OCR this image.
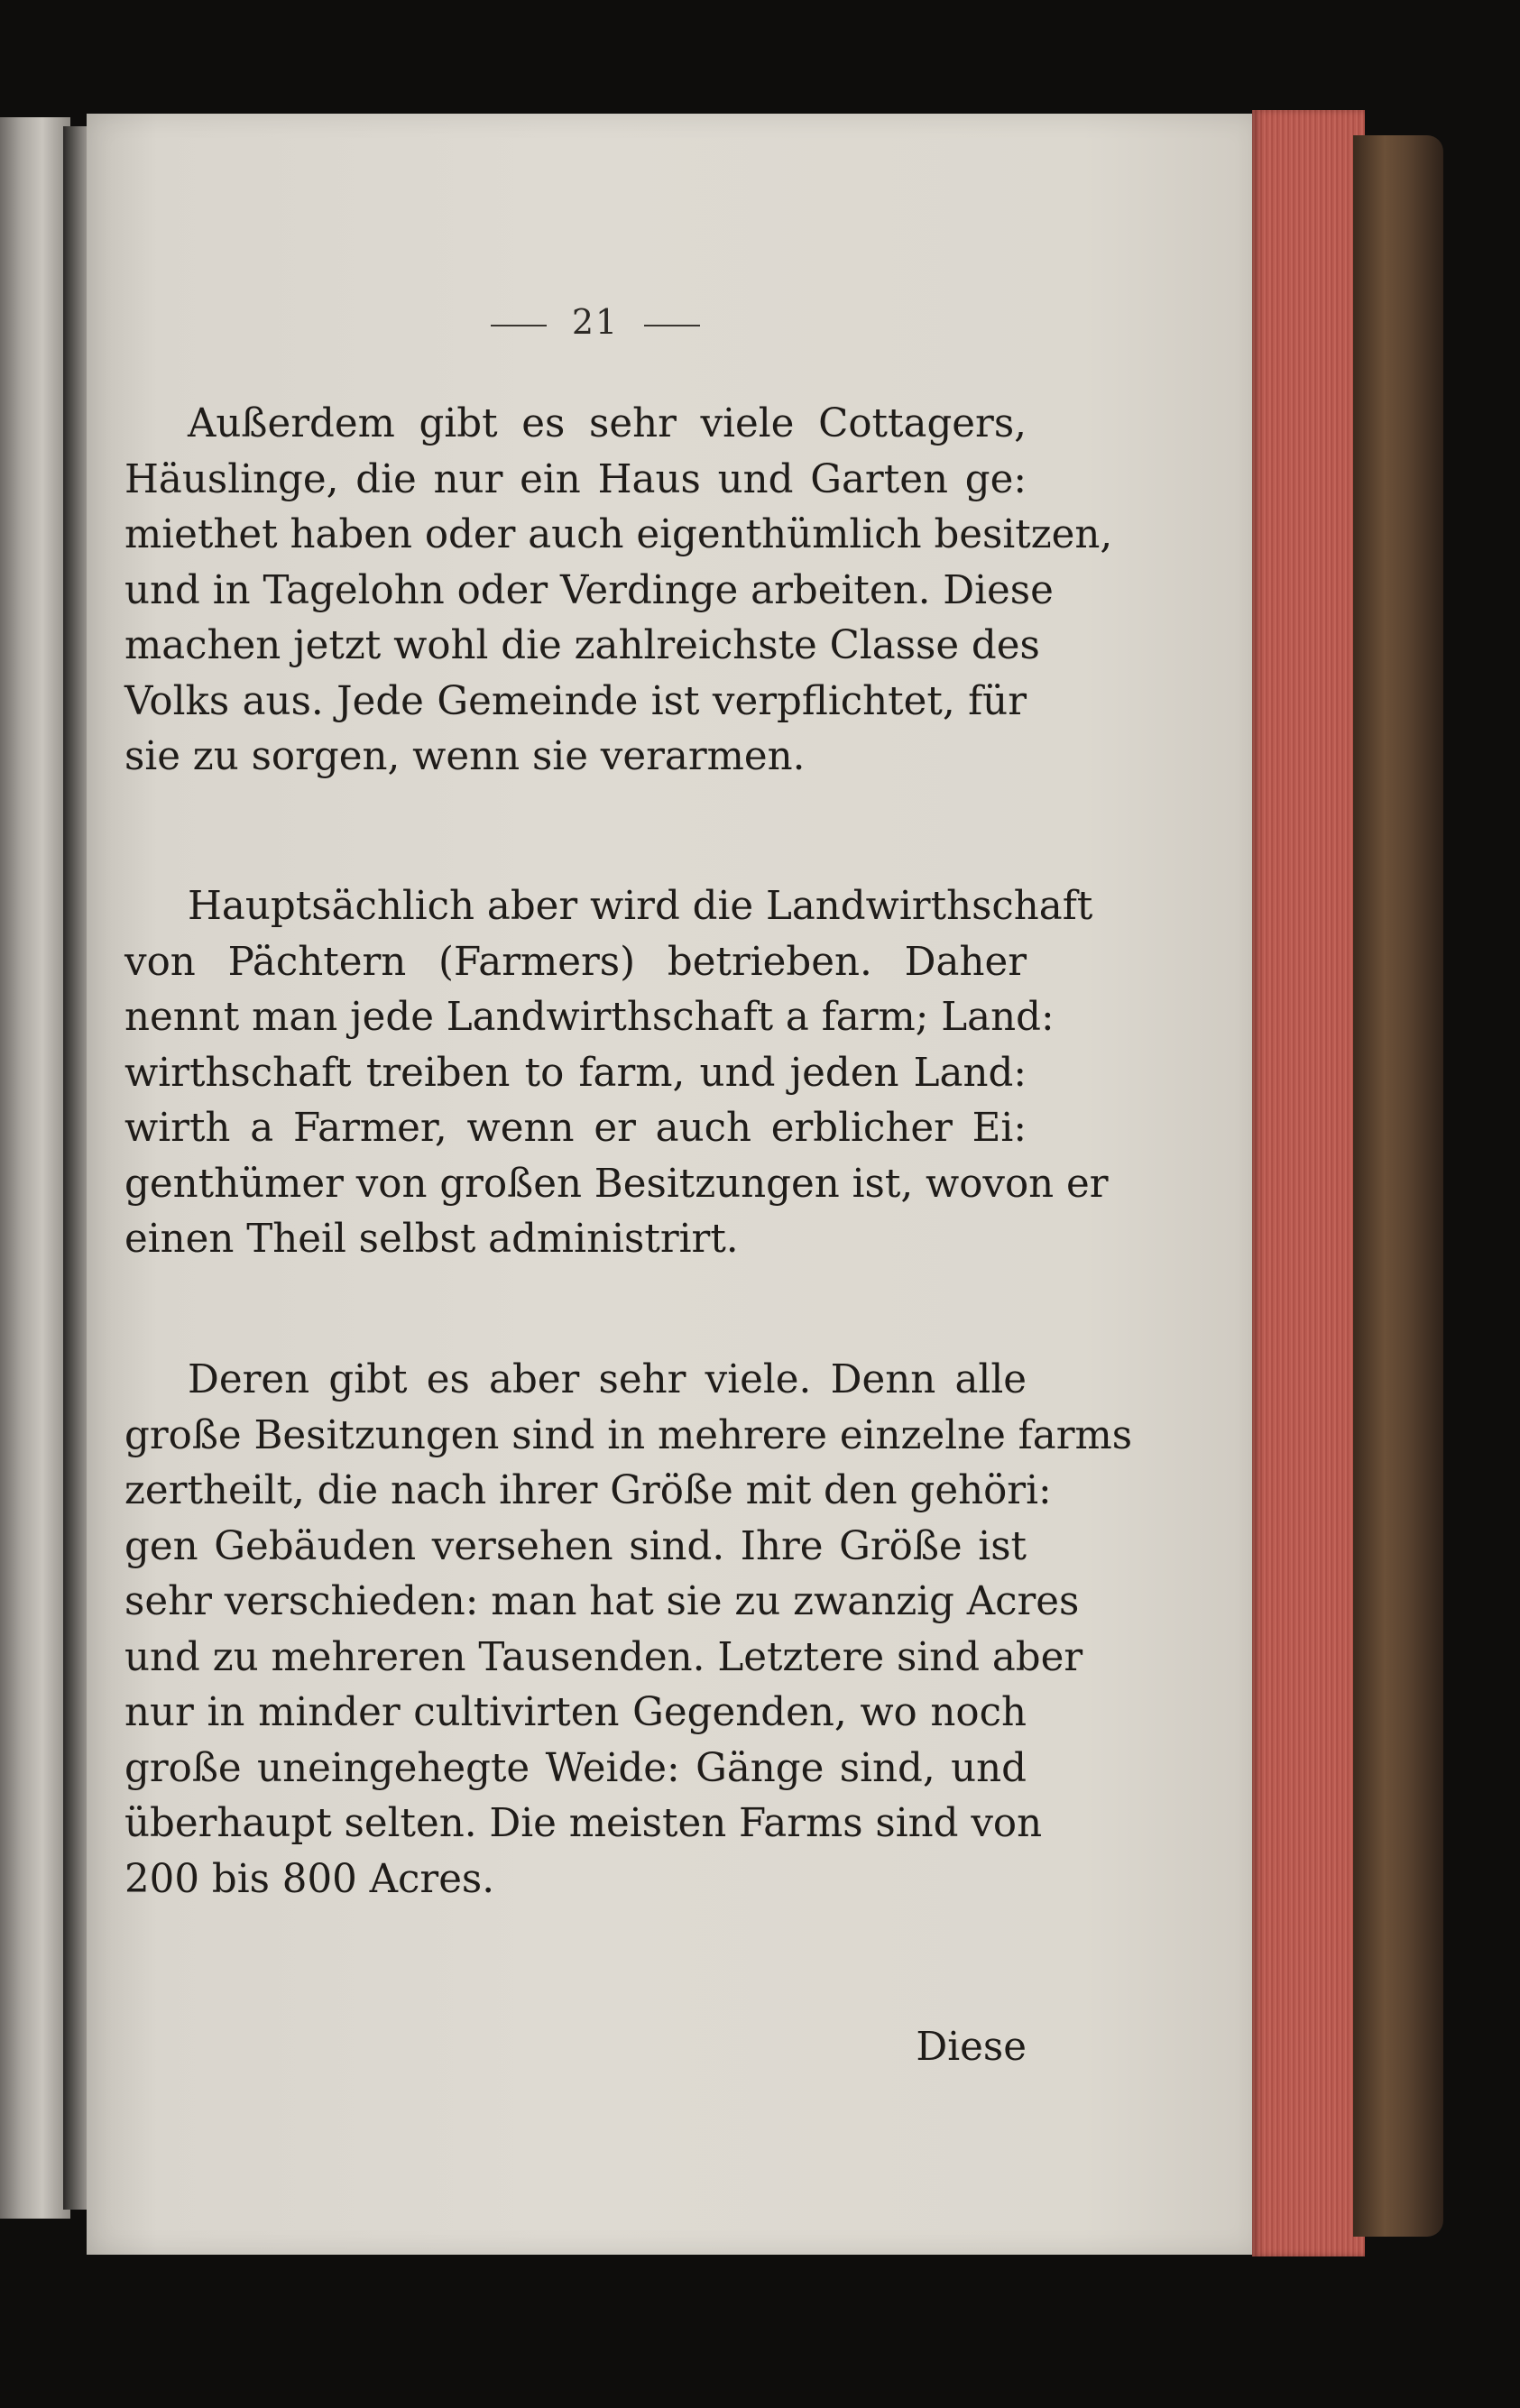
21
Außerdem gibt es sehr viele Cottagers,
Häuslinge, die nur ein Haus und Garten ge:
miethet haben oder auch eigenthümlich besitzen,
und in Tagelohn oder Verdinge arbeiten. Diese
machen jetzt wohl die zahlreichste Classe des
Volks aus. Jede Gemeinde ist verpflichtet, für
sie zu sorgen, wenn sie verarmen.
Hauptsächlich aber wird die Landwirthschaft
von Pächtern (Farmers) betrieben. Daher
nennt man jede Landwirthschaft a farm; Land:
wirthschaft treiben to farm, und jeden Land:
wirth a Farmer, wenn er auch erblicher Ei:
genthümer von großen Besitzungen ist, wovon er
einen Theil selbst administrirt.
Deren gibt es aber sehr viele. Denn alle
große Besitzungen sind in mehrere einzelne farms
zertheilt, die nach ihrer Größe mit den gehöri:
gen Gebäuden versehen sind. Ihre Größe ist
sehr verschieden: man hat sie zu zwanzig Acres
und zu mehreren Tausenden. Letztere sind aber
nur in minder cultivirten Gegenden, wo noch
große uneingehegte Weide: Gänge sind, und
überhaupt selten. Die meisten Farms sind von
200 bis 800 Acres.
Diese
